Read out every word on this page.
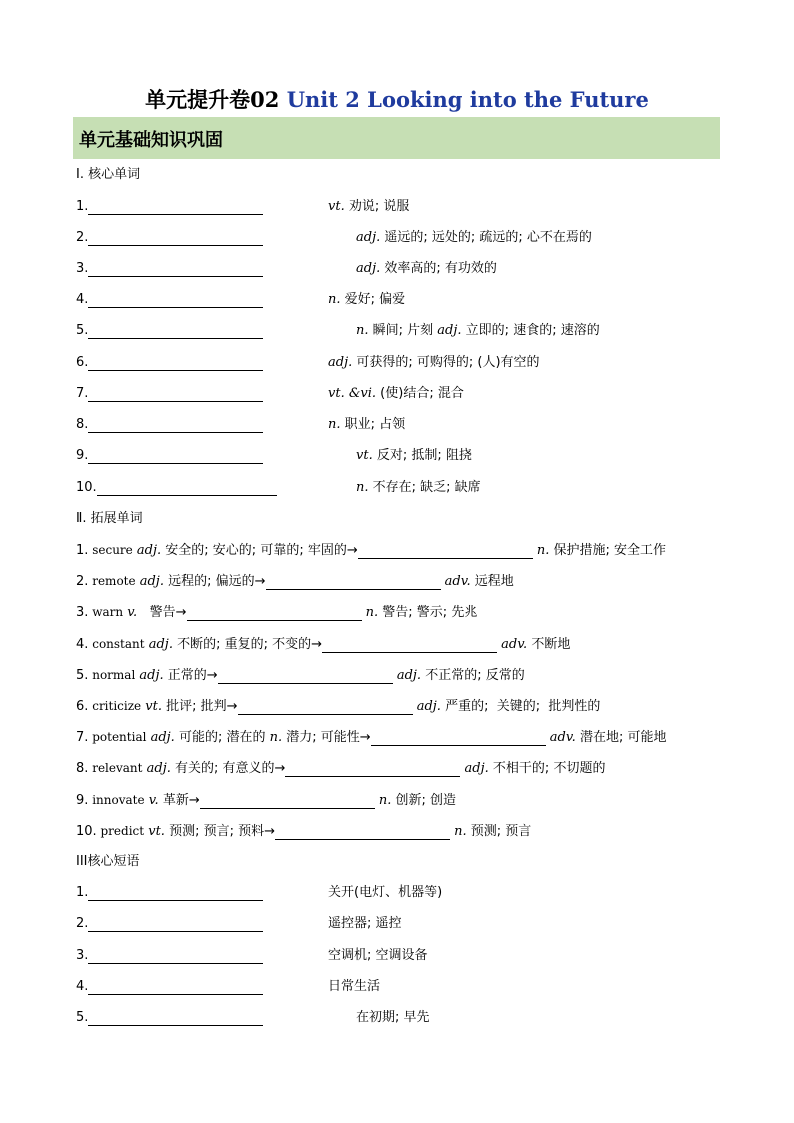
单元提升卷02 Unit 2 Looking into the Future
单元基础知识巩固
Ⅰ. 核心单词
1.	vt. 劝说; 说服
2.	adj. 遥远的; 远处的; 疏远的; 心不在焉的
3.	adj. 效率高的; 有功效的
4.	n. 爱好; 偏爱
5.	n. 瞬间; 片刻 adj. 立即的; 速食的; 速溶的
6.	adj. 可获得的; 可购得的; (人)有空的
7.	vt. &vi. (使)结合; 混合
8.	n. 职业; 占领
9.	vt. 反对; 抵制; 阻挠
10.	n. 不存在; 缺乏; 缺席
Ⅱ. 拓展单词
1. secure adj. 安全的; 安心的; 可靠的; 牢固的→	n. 保护措施; 安全工作
2. remote adj. 远程的; 偏远的→	adv. 远程地
3. warn v.   警告→	n. 警告; 警示; 先兆
4. constant adj. 不断的; 重复的; 不变的→	adv. 不断地
5. normal adj. 正常的→	adj. 不正常的; 反常的
6. criticize vt. 批评; 批判→	adj. 严重的;  关键的;  批判性的
7. potential adj. 可能的; 潜在的 n. 潜力; 可能性→	adv. 潜在地; 可能地
8. relevant adj. 有关的; 有意义的→	adj. 不相干的; 不切题的
9. innovate v. 革新→	n. 创新; 创造
10. predict vt. 预测; 预言; 预料→	n. 预测; 预言
III核心短语
1.	关开(电灯、机器等)
2.	遥控器; 遥控
3.	空调机; 空调设备
4.	日常生活
5.	在初期; 早先
